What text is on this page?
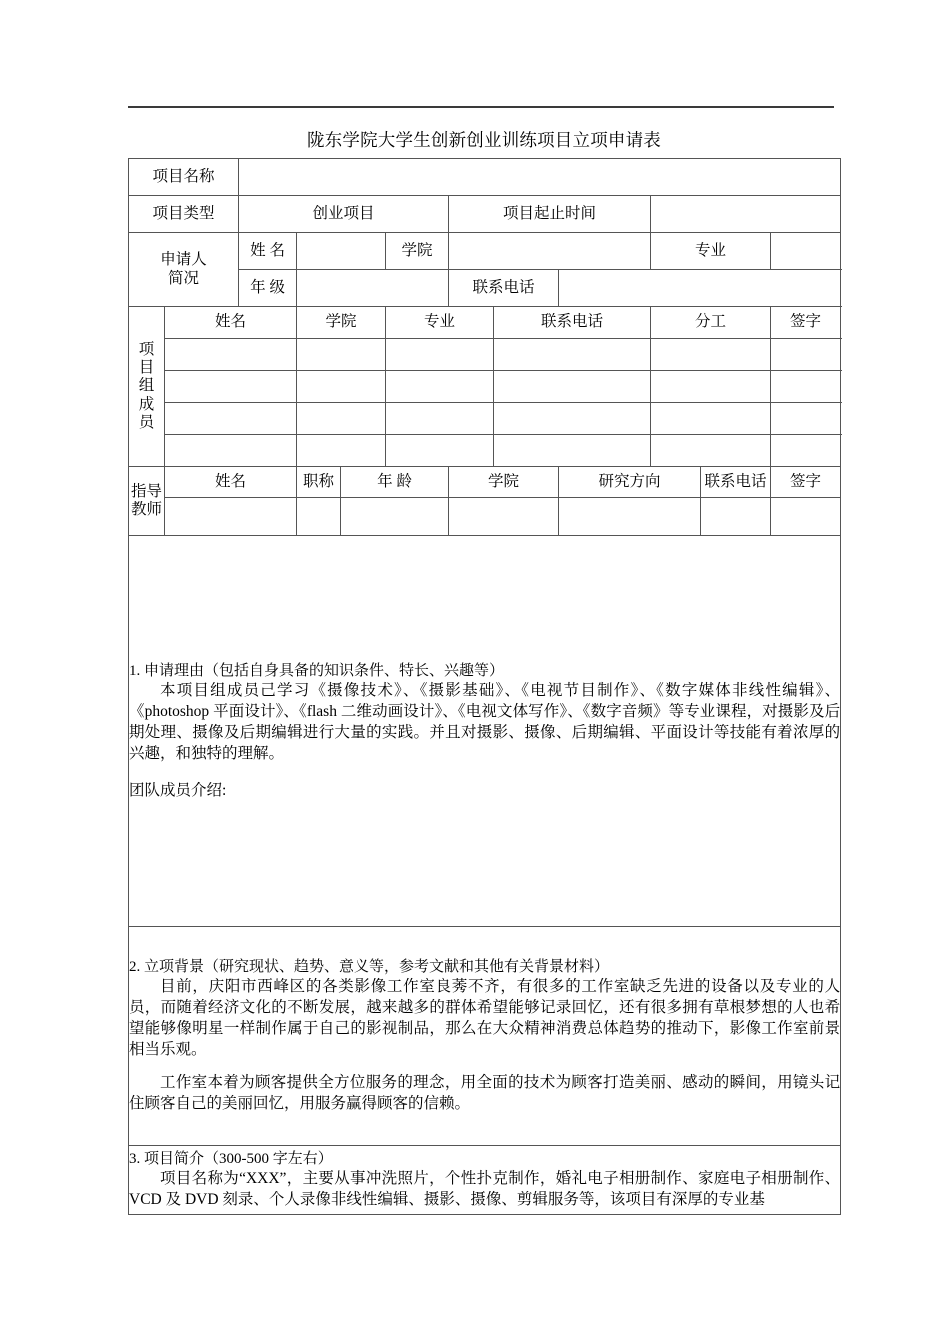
陇东学院大学生创新创业训练项目立项申请表
项目名称											
项目类型		创业项目				项目起止时间					

申请人
简况		姓 名			学院				专业		
		年 级				联系电话					

项
目
组
成
员	姓名		学院		专业		联系电话		分工		签字

指导
教师	姓名		职称	年 龄		学院		研究方向		联系电话	签字

1. 申请理由（包括自身具备的知识条件、特长、兴趣等）

本项目组成员己学习《摄像技术》、《摄影基础》、《电视节目制作》、《数字媒体非线性编辑》、《photoshop 平面设计》、《flash 二维动画设计》、《电视文体写作》、《数字音频》等专业课程，对摄影及后期处理、摄像及后期编辑进行大量的实践。并且对摄影、摄像、后期编辑、平面设计等技能有着浓厚的兴趣，和独特的理解。

团队成员介绍:											

2. 立项背景（研究现状、趋势、意义等，参考文献和其他有关背景材料）

目前，庆阳市西峰区的各类影像工作室良莠不齐，有很多的工作室缺乏先进的设备以及专业的人员，而随着经济文化的不断发展，越来越多的群体希望能够记录回忆，还有很多拥有草根梦想的人也希望能够像明星一样制作属于自己的影视制品，那么在大众精神消费总体趋势的推动下，影像工作室前景相当乐观。

工作室本着为顾客提供全方位服务的理念，用全面的技术为顾客打造美丽、感动的瞬间，用镜头记住顾客自己的美丽回忆，用服务赢得顾客的信赖。											

3. 项目简介（300-500 字左右）

项目名称为“XXX”，主要从事冲洗照片，个性扑克制作，婚礼电子相册制作、家庭电子相册制作、VCD 及 DVD 刻录、个人录像非线性编辑、摄影、摄像、剪辑服务等，该项目有深厚的专业基											
